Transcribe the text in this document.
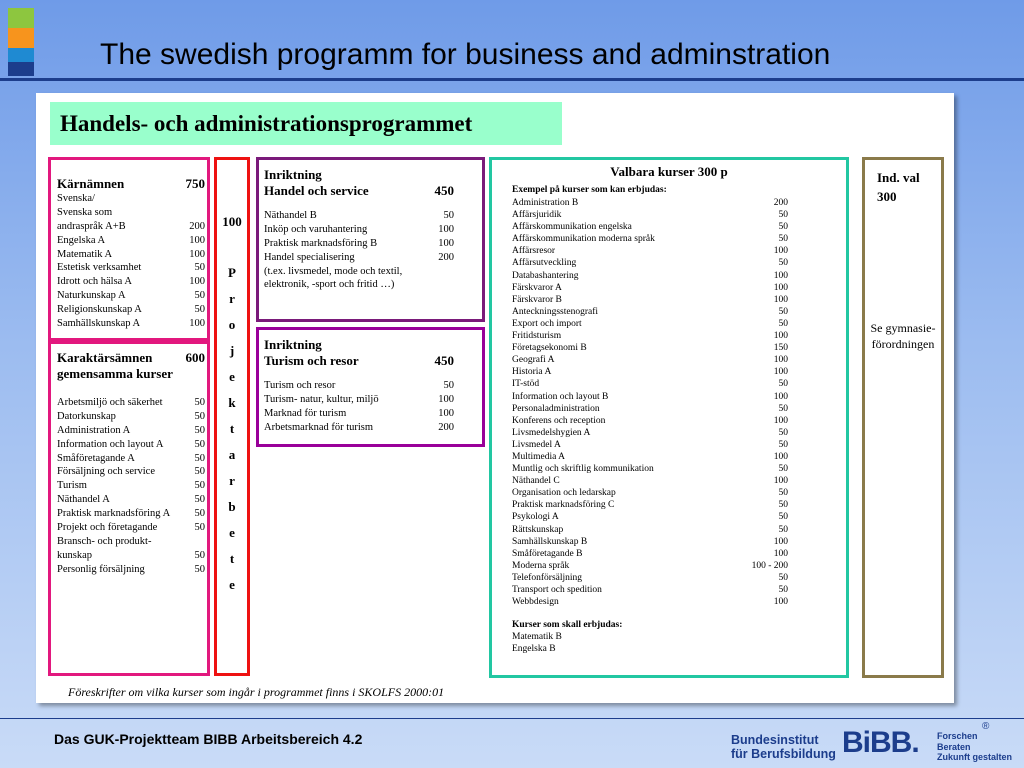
The swedish programm for business and adminstration
Handels- och administrationsprogrammet
Kärnämnen	750
Svenska/
Svenska som
andraspråk A+B	200
Engelska A	100
Matematik A	100
Estetisk verksamhet	50
Idrott och hälsa A	100
Naturkunskap A	50
Religionskunskap A	50
Samhällskunskap A	100
Karaktärsämnen	600
gemensamma kurser
Arbetsmiljö och säkerhet	50
Datorkunskap	50
Administration A	50
Information och layout A	50
Småföretagande A	50
Försäljning och service	50
Turism	50
Näthandel A	50
Praktisk marknadsföring A 50
Projekt och företagande	50
Bransch- och produkt-
kunskap	50
Personlig försäljning	50
100
P
r
o
j
e
k
t
a
r
b
e
t
e
Inriktning
Handel och service	450
Näthandel B	50
Inköp och varuhantering	100
Praktisk marknadsföring B	100
Handel specialisering	200
(t.ex. livsmedel, mode och textil,
elektronik, -sport och fritid …)
Inriktning
Turism och resor	450
Turism och resor	50
Turism- natur, kultur, miljö	100
Marknad för turism	100
Arbetsmarknad för turism	200
Valbara kurser 300 p
Exempel på kurser som kan erbjudas:
Administration B	200
Affärsjuridik	50
Affärskommunikation engelska	50
Affärskommunikation moderna språk	50
Affärsresor	100
Affärsutveckling	50
Databashantering	100
Färskvaror A	100
Färskvaror B	100
Anteckningsstenografi	50
Export och import	50
Fritidsturism	100
Företagsekonomi B	150
Geografi A	100
Historia A	100
IT-stöd	50
Information och layout B	100
Personaladministration	50
Konferens och reception	100
Livsmedelshygien A	50
Livsmedel A	50
Multimedia A	100
Muntlig och skriftlig kommunikation	50
Näthandel C	100
Organisation och ledarskap	50
Praktisk marknadsföring C	50
Psykologi A	50
Rättskunskap	50
Samhällskunskap B	100
Småföretagande B	100
Moderna språk	100 - 200
Telefonförsäljning	50
Transport och spedition	50
Webbdesign	100
Kurser som skall erbjudas:
Matematik B
Engelska B
Ind. val
300
Se gymnasie-
förordningen
Föreskrifter om vilka kurser som ingår i programmet finns i SKOLFS 2000:01
Das GUK-Projektteam BIBB Arbeitsbereich 4.2	Bundesinstitut
für Berufsbildung BiBB. Forschen
Beraten
Zukunft gestalten
®
